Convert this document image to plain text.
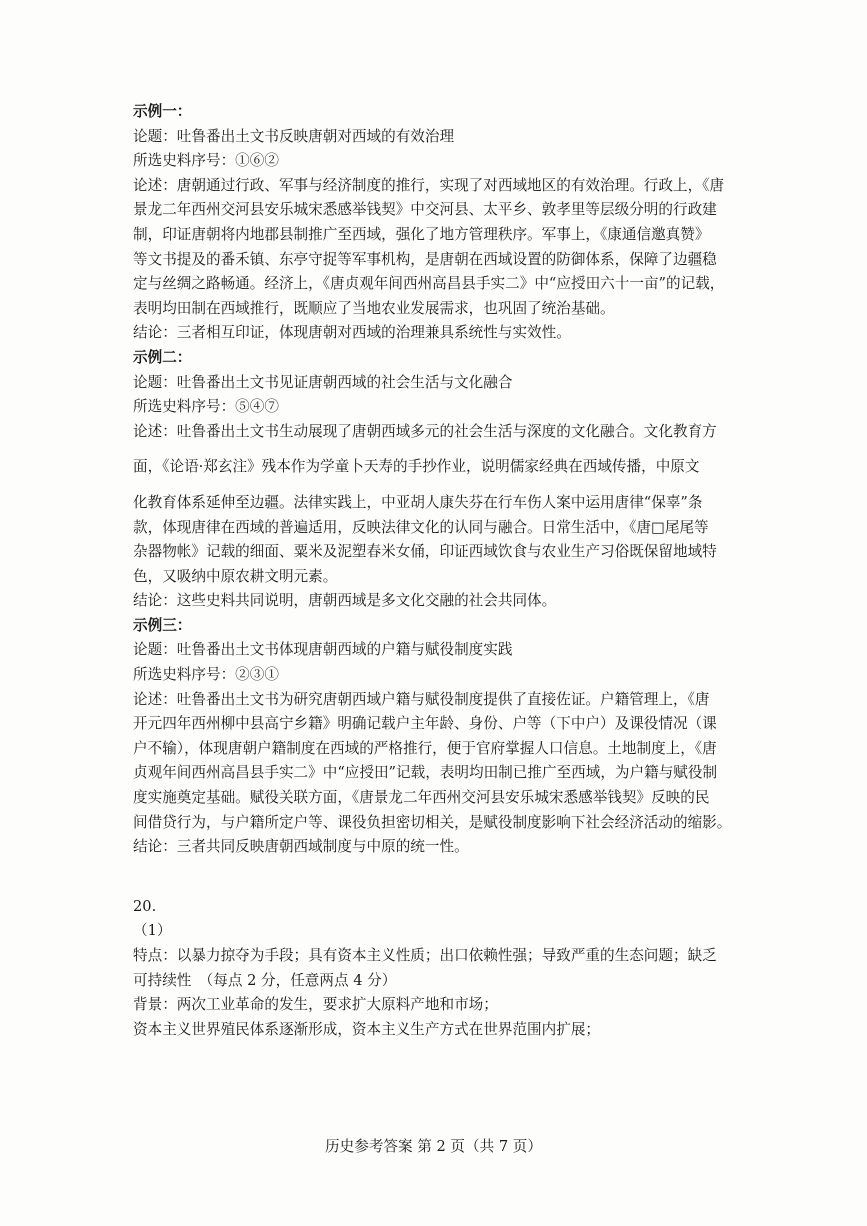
示例一：
论题：吐鲁番出土文书反映唐朝对西域的有效治理
所选史料序号：①⑥②
论述：唐朝通过行政、军事与经济制度的推行，实现了对西域地区的有效治理。行政上，《唐
景龙二年西州交河县安乐城宋悉感举钱契》中交河县、太平乡、敦孝里等层级分明的行政建
制，印证唐朝将内地郡县制推广至西域，强化了地方管理秩序。军事上，《康通信邀真赞》
等文书提及的番禾镇、东亭守捉等军事机构，是唐朝在西域设置的防御体系，保障了边疆稳
定与丝绸之路畅通。经济上，《唐贞观年间西州高昌县手实二》中“应授田六十一亩”的记载，
表明均田制在西域推行，既顺应了当地农业发展需求，也巩固了统治基础。
结论：三者相互印证，体现唐朝对西域的治理兼具系统性与实效性。
示例二：
论题：吐鲁番出土文书见证唐朝西域的社会生活与文化融合
所选史料序号：⑤④⑦
论述：吐鲁番出土文书生动展现了唐朝西域多元的社会生活与深度的文化融合。文化教育方
面，《论语·郑玄注》残本作为学童卜天寿的手抄作业，说明儒家经典在西域传播，中原文
化教育体系延伸至边疆。法律实践上，中亚胡人康失芬在行车伤人案中运用唐律“保辜”条
款，体现唐律在西域的普遍适用，反映法律文化的认同与融合。日常生活中，《唐□尾尾等
杂器物帐》记载的细面、粟米及泥塑春米女俑，印证西域饮食与农业生产习俗既保留地域特
色，又吸纳中原农耕文明元素。
结论：这些史料共同说明，唐朝西域是多文化交融的社会共同体。
示例三：
论题：吐鲁番出土文书体现唐朝西域的户籍与赋役制度实践
所选史料序号：②③①
论述：吐鲁番出土文书为研究唐朝西域户籍与赋役制度提供了直接佐证。户籍管理上，《唐
开元四年西州柳中县高宁乡籍》明确记载户主年龄、身份、户等（下中户）及课役情况（课
户不输），体现唐朝户籍制度在西域的严格推行，便于官府掌握人口信息。土地制度上，《唐
贞观年间西州高昌县手实二》中“应授田”记载，表明均田制已推广至西域，为户籍与赋役制
度实施奠定基础。赋役关联方面，《唐景龙二年西州交河县安乐城宋悉感举钱契》反映的民
间借贷行为，与户籍所定户等、课役负担密切相关，是赋役制度影响下社会经济活动的缩影。
结论：三者共同反映唐朝西域制度与中原的统一性。
20.
（1）
特点：以暴力掠夺为手段；具有资本主义性质；出口依赖性强；导致严重的生态问题；缺乏
可持续性　（每点 2 分，任意两点 4 分）
背景：两次工业革命的发生，要求扩大原料产地和市场；
资本主义世界殖民体系逐渐形成，资本主义生产方式在世界范围内扩展；
历史参考答案 第 2 页（共 7 页）
